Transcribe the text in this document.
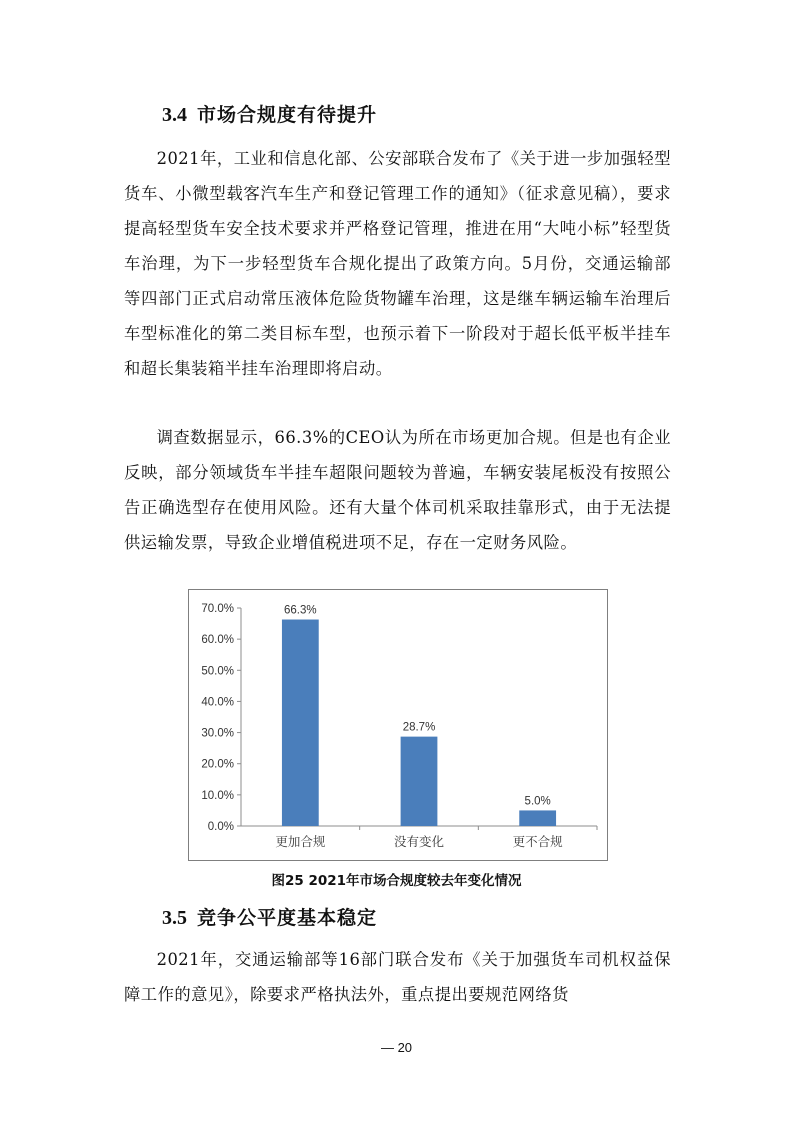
3.4 市场合规度有待提升

2021年，工业和信息化部、公安部联合发布了《关于进一步加强轻型货车、小微型载客汽车生产和登记管理工作的通知》（征求意见稿），要求提高轻型货车安全技术要求并严格登记管理，推进在用“大吨小标”轻型货车治理，为下一步轻型货车合规化提出了政策方向。5月份，交通运输部等四部门正式启动常压液体危险货物罐车治理，这是继车辆运输车治理后车型标准化的第二类目标车型，也预示着下一阶段对于超长低平板半挂车和超长集装箱半挂车治理即将启动。

调查数据显示，66.3%的CEO认为所在市场更加合规。但是也有企业反映，部分领域货车半挂车超限问题较为普遍，车辆安装尾板没有按照公告正确选型存在使用风险。还有大量个体司机采取挂靠形式，由于无法提供运输发票，导致企业增值税进项不足，存在一定财务风险。

0.0%
10.0%
20.0%
30.0%
40.0%
50.0%
60.0%
70.0%	66.3%
更加合规
28.7%
没有变化
5.0%
更不合规

图25 2021年市场合规度较去年变化情况

3.5 竞争公平度基本稳定

2021年，交通运输部等16部门联合发布《关于加强货车司机权益保障工作的意见》，除要求严格执法外，重点提出要规范网络货

— 20
